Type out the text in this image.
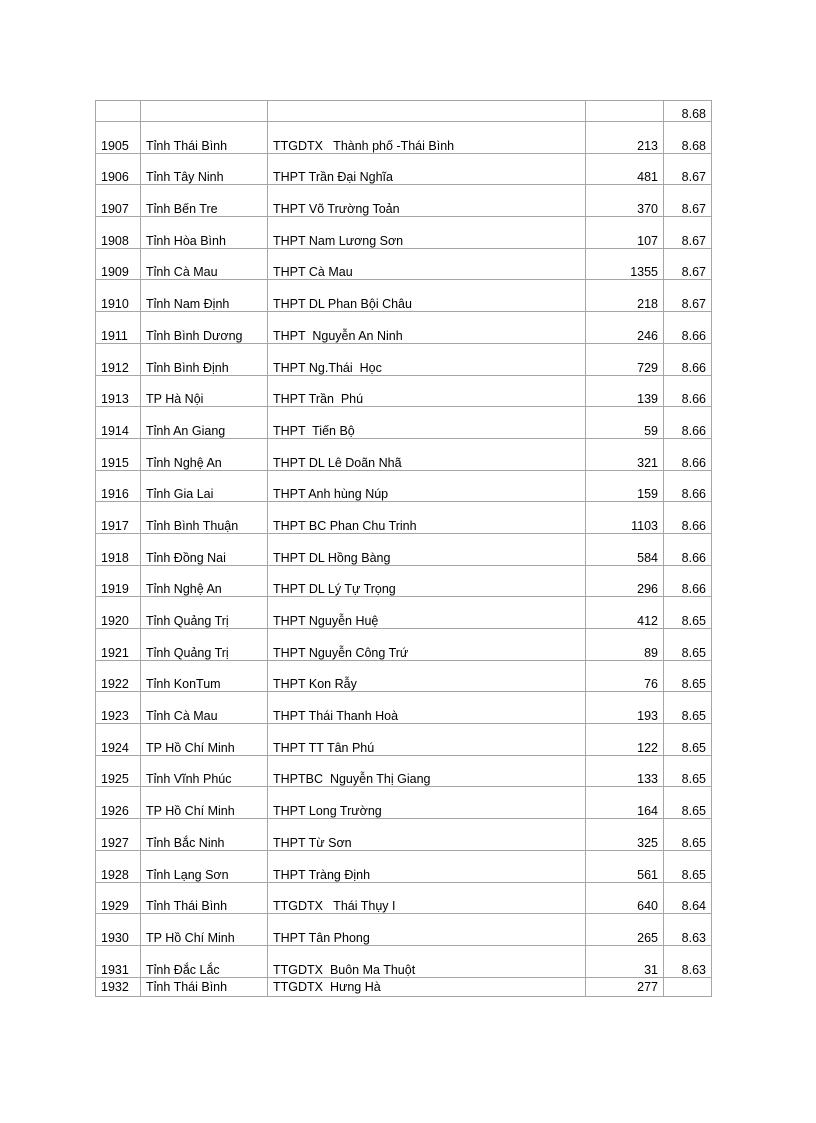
				8.68
1905	Tỉnh Thái Bình	TTGDTX   Thành phố -Thái Bình	213	8.68
1906	Tỉnh Tây Ninh	THPT Trần Đại Nghĩa	481	8.67
1907	Tỉnh Bến Tre	THPT Võ Trường Toản	370	8.67
1908	Tỉnh Hòa Bình	THPT Nam Lương Sơn	107	8.67
1909	Tỉnh Cà Mau	THPT Cà Mau	1355	8.67
1910	Tỉnh Nam Định	THPT DL Phan Bội Châu	218	8.67
1911	Tỉnh Bình Dương	THPT  Nguyễn An Ninh	246	8.66
1912	Tỉnh Bình Định	THPT Ng.Thái  Học	729	8.66
1913	TP Hà Nội	THPT Trần  Phú	139	8.66
1914	Tỉnh An Giang	THPT  Tiến Bộ	59	8.66
1915	Tỉnh Nghệ An	THPT DL Lê Doãn Nhã	321	8.66
1916	Tỉnh Gia Lai	THPT Anh hùng Núp	159	8.66
1917	Tỉnh Bình Thuận	THPT BC Phan Chu Trinh	1103	8.66
1918	Tỉnh Đồng Nai	THPT DL Hồng Bàng	584	8.66
1919	Tỉnh Nghệ An	THPT DL Lý Tự Trọng	296	8.66
1920	Tỉnh Quảng Trị	THPT Nguyễn Huệ	412	8.65
1921	Tỉnh Quảng Trị	THPT Nguyễn Công Trứ	89	8.65
1922	Tỉnh KonTum	THPT Kon Rẫy	76	8.65
1923	Tỉnh Cà Mau	THPT Thái Thanh Hoà	193	8.65
1924	TP Hồ Chí Minh	THPT TT Tân Phú	122	8.65
1925	Tỉnh Vĩnh Phúc	THPTBC  Nguyễn Thị Giang	133	8.65
1926	TP Hồ Chí Minh	THPT Long Trường	164	8.65
1927	Tỉnh Bắc Ninh	THPT Từ Sơn	325	8.65
1928	Tỉnh Lạng Sơn	THPT Tràng Định	561	8.65
1929	Tỉnh Thái Bình	TTGDTX   Thái Thụy I	640	8.64
1930	TP Hồ Chí Minh	THPT Tân Phong	265	8.63
1931	Tỉnh Đắc Lắc	TTGDTX  Buôn Ma Thuột	31	8.63
1932	Tỉnh Thái Bình	TTGDTX  Hưng Hà	277	
